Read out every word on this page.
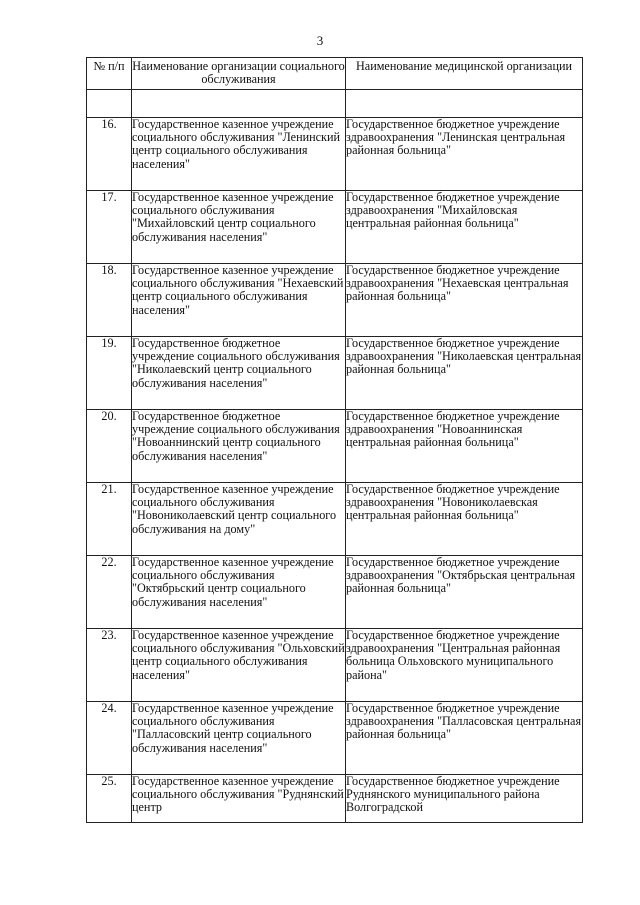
3
№ п/п	Наименование организации социального обслуживания	Наименование медицинской организации

16.	Государственное казенное учреждение социального обслуживания "Ленинский центр социального обслуживания населения"	Государственное бюджетное учреждение здравоохранения "Ленинская центральная районная больница"
17.	Государственное казенное учреждение социального обслуживания "Михайловский центр социального обслуживания населения"	Государственное бюджетное учреждение здравоохранения "Михайловская центральная районная больница"
18.	Государственное казенное учреждение социального обслуживания "Нехаевский центр социального обслуживания населения"	Государственное бюджетное учреждение здравоохранения "Нехаевская центральная районная больница"
19.	Государственное бюджетное учреждение социального обслуживания "Николаевский центр социального обслуживания населения"	Государственное бюджетное учреждение здравоохранения "Николаевская центральная районная больница"
20.	Государственное бюджетное учреждение социального обслуживания "Новоаннинский центр социального обслуживания населения"	Государственное бюджетное учреждение здравоохранения "Новоаннинская центральная районная больница"
21.	Государственное казенное учреждение социального обслуживания "Новониколаевский центр социального обслуживания на дому"	Государственное бюджетное учреждение здравоохранения "Новониколаевская центральная районная больница"
22.	Государственное казенное учреждение социального обслуживания "Октябрьский центр социального обслуживания населения"	Государственное бюджетное учреждение здравоохранения "Октябрьская центральная районная больница"
23.	Государственное казенное учреждение социального обслуживания "Ольховский центр социального обслуживания населения"	Государственное бюджетное учреждение здравоохранения "Центральная районная больница Ольховского муниципального района"
24.	Государственное казенное учреждение социального обслуживания "Палласовский центр социального обслуживания населения"	Государственное бюджетное учреждение здравоохранения "Палласовская центральная районная больница"
25.	Государственное казенное учреждение социального обслуживания "Руднянский центр	Государственное бюджетное учреждение Руднянского муниципального района Волгоградской
